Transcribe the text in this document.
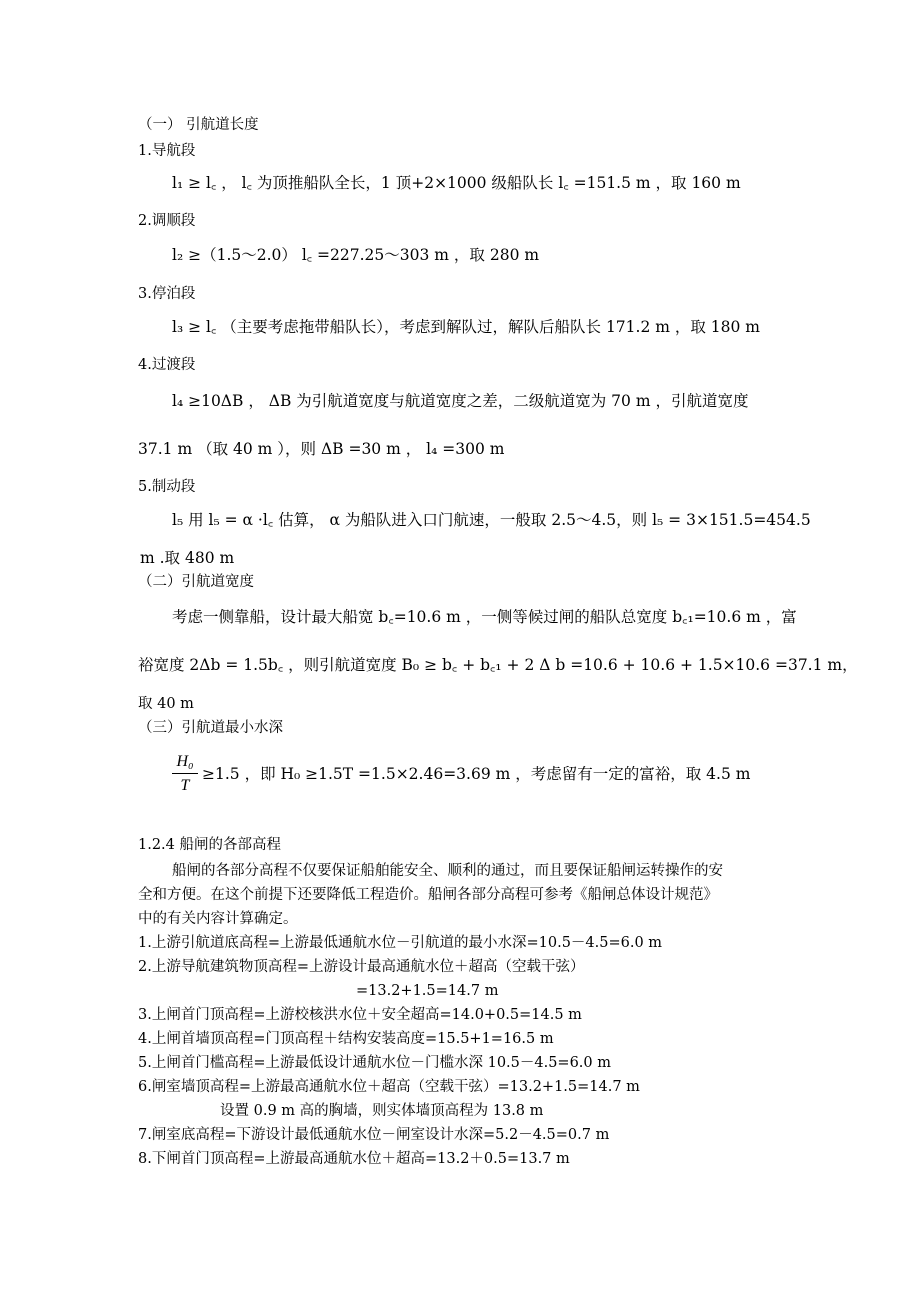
（一） 引航道长度
1.导航段
l₁ ≥ l꜀ ， l꜀ 为顶推船队全长，1 顶+2×1000 级船队长 l꜀ =151.5 m ，取 160 m
2.调顺段
l₂ ≥（1.5～2.0） l꜀ =227.25～303 m ，取 280 m
3.停泊段
l₃ ≥ l꜀ （主要考虑拖带船队长），考虑到解队过，解队后船队长 171.2 m ，取 180 m
4.过渡段
l₄ ≥10ΔB ， ΔB 为引航道宽度与航道宽度之差，二级航道宽为 70 m ，引航道宽度
37.1 m （取 40 m ），则 ΔB =30 m ， l₄ =300 m
5.制动段
l₅ 用 l₅ = α ·l꜀ 估算， α 为船队进入口门航速，一般取 2.5～4.5，则 l₅ = 3×151.5=454.5
m .取 480 m
（二）引航道宽度
考虑一侧靠船，设计最大船宽 b꜀=10.6 m ，一侧等候过闸的船队总宽度 b꜀₁=10.6 m ，富
裕宽度 2Δb = 1.5b꜀ ，则引航道宽度 B₀ ≥ b꜀ + b꜀₁ + 2 Δ b =10.6 + 10.6 + 1.5×10.6 =37.1 m，
取 40 m
（三）引航道最小水深
H₀
T
≥1.5 ，即 H₀ ≥1.5T =1.5×2.46=3.69 m ，考虑留有一定的富裕，取 4.5 m
1.2.4 船闸的各部高程
船闸的各部分高程不仅要保证船舶能安全、顺利的通过，而且要保证船闸运转操作的安
全和方便。在这个前提下还要降低工程造价。船闸各部分高程可参考《船闸总体设计规范》
中的有关内容计算确定。
1.上游引航道底高程=上游最低通航水位－引航道的最小水深=10.5－4.5=6.0 m
2.上游导航建筑物顶高程=上游设计最高通航水位＋超高（空载干弦）
=13.2+1.5=14.7 m
3.上闸首门顶高程=上游校核洪水位＋安全超高=14.0+0.5=14.5 m
4.上闸首墙顶高程=门顶高程＋结构安装高度=15.5+1=16.5 m
5.上闸首门槛高程=上游最低设计通航水位－门槛水深 10.5－4.5=6.0 m
6.闸室墙顶高程=上游最高通航水位＋超高（空载干弦）=13.2+1.5=14.7 m
设置 0.9 m 高的胸墙，则实体墙顶高程为 13.8 m
7.闸室底高程=下游设计最低通航水位－闸室设计水深=5.2－4.5=0.7 m
8.下闸首门顶高程=上游最高通航水位＋超高=13.2＋0.5=13.7 m
